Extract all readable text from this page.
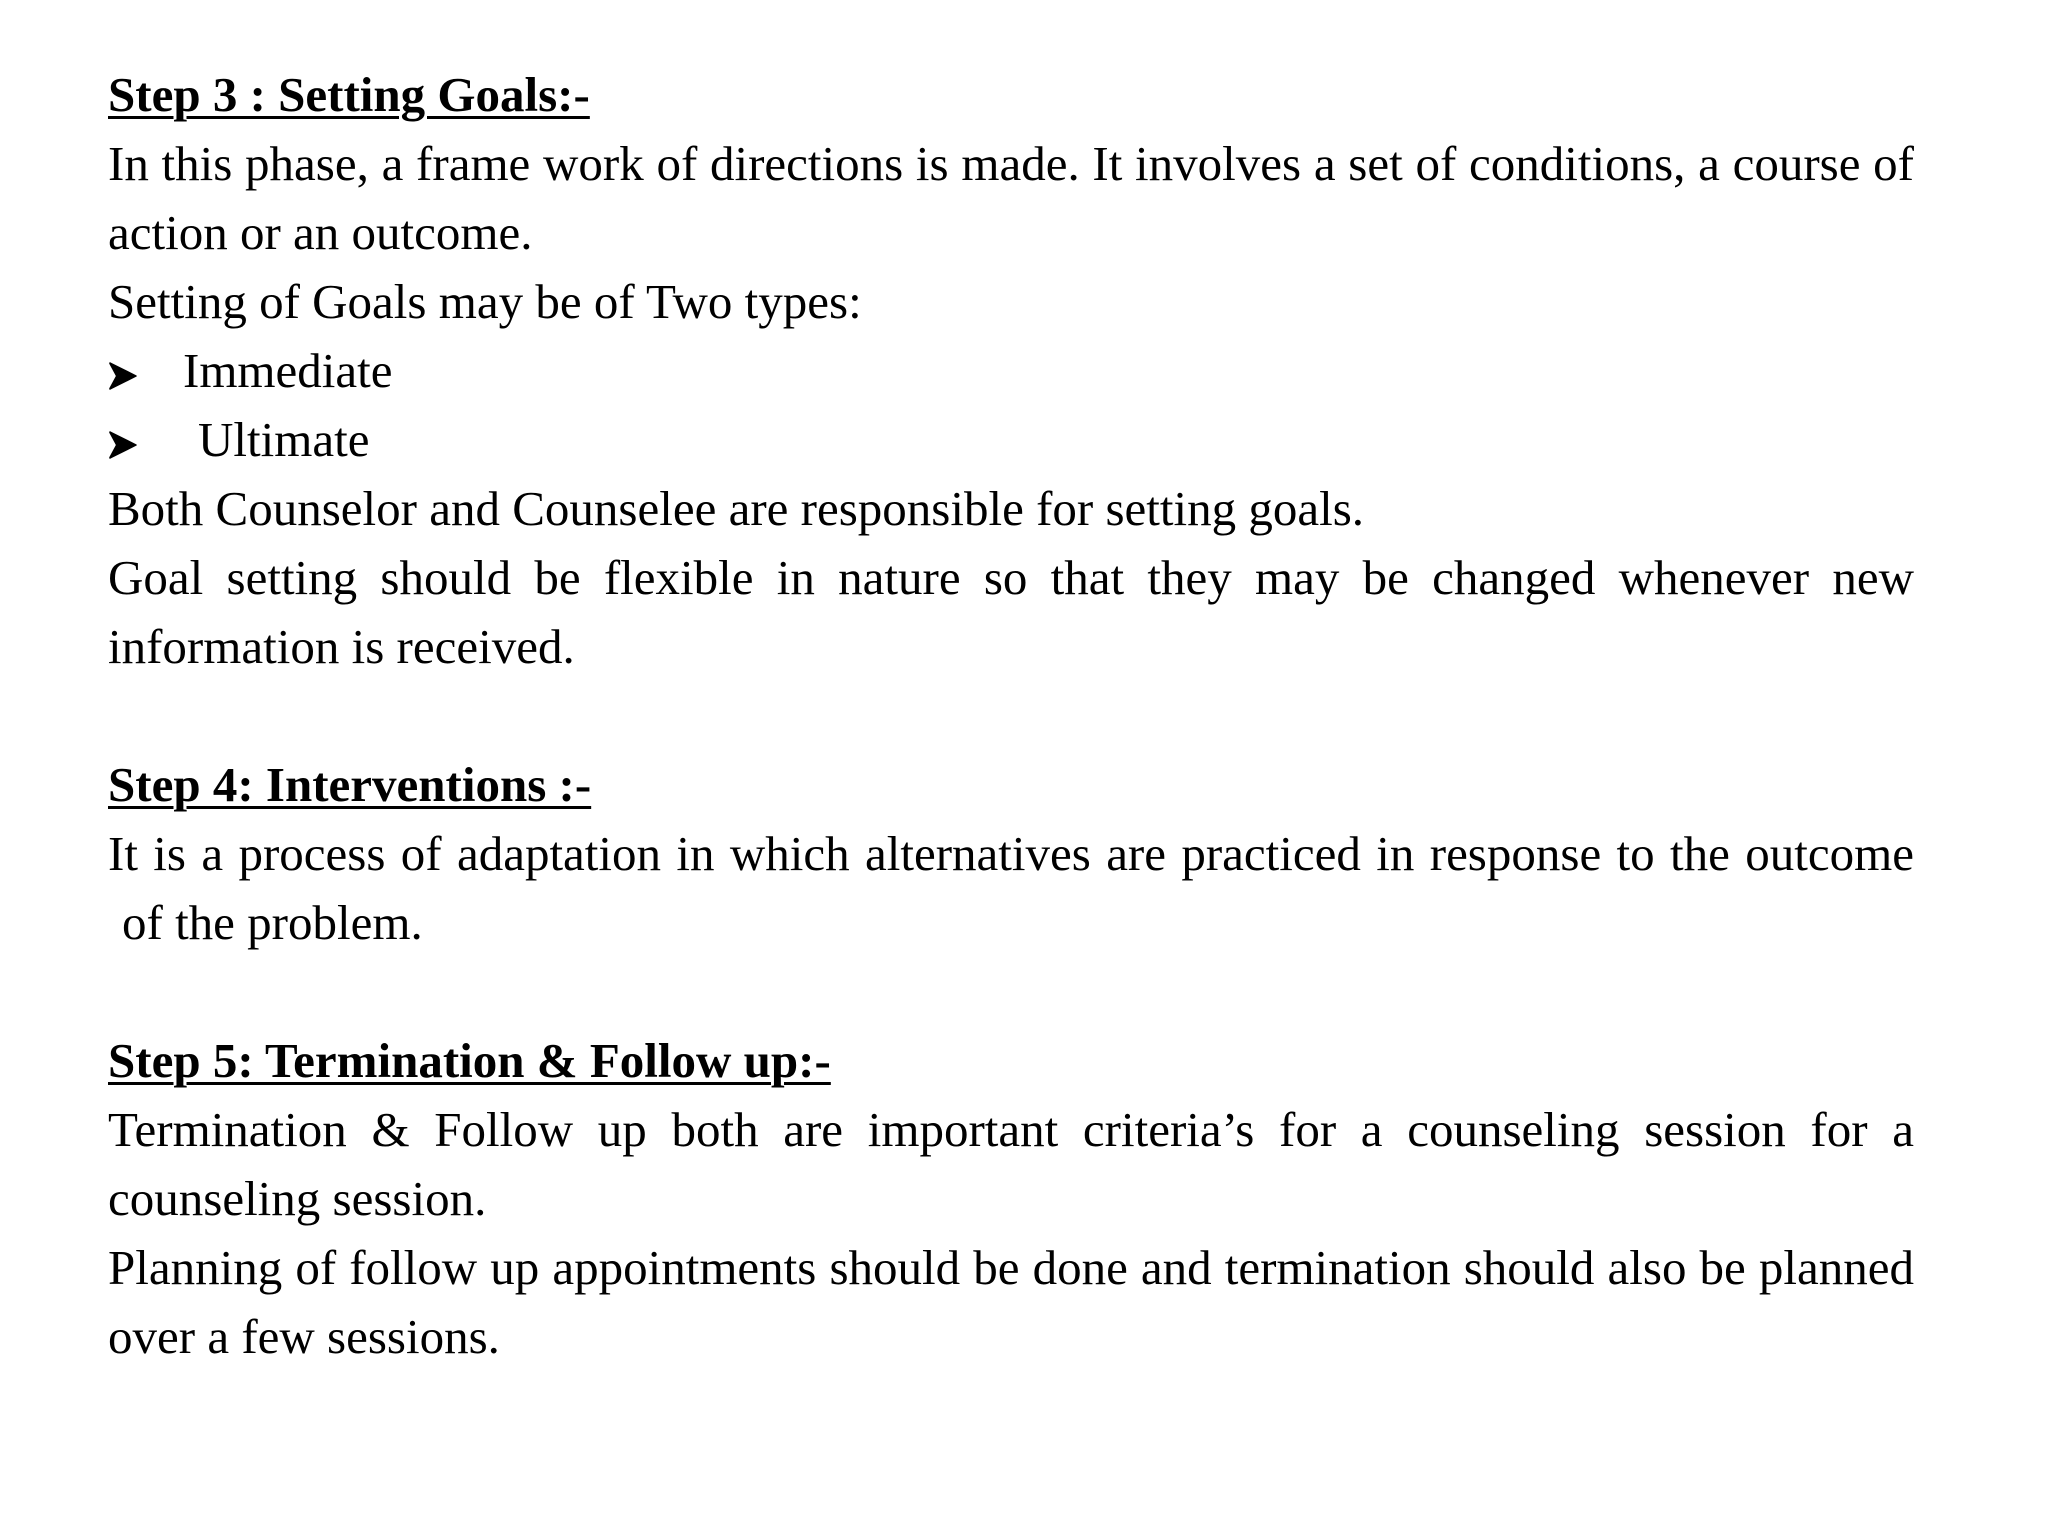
Step 3 : Setting Goals:-

In this phase, a frame work of directions is made. It involves a set of conditions, a course of action or an outcome.

Setting of Goals may be of Two types:

Immediate
Ultimate

Both Counselor and Counselee are responsible for setting goals.

Goal setting should be flexible in nature so that they may be changed whenever new information is received.

Step 4: Interventions :-

It is a process of adaptation in which alternatives are practiced in response to the outcome of the problem.

Step 5: Termination & Follow up:-

Termination & Follow up both are important criteria’s for a counseling session for a counseling session.

Planning of follow up appointments should be done and termination should also be planned over a few sessions.
